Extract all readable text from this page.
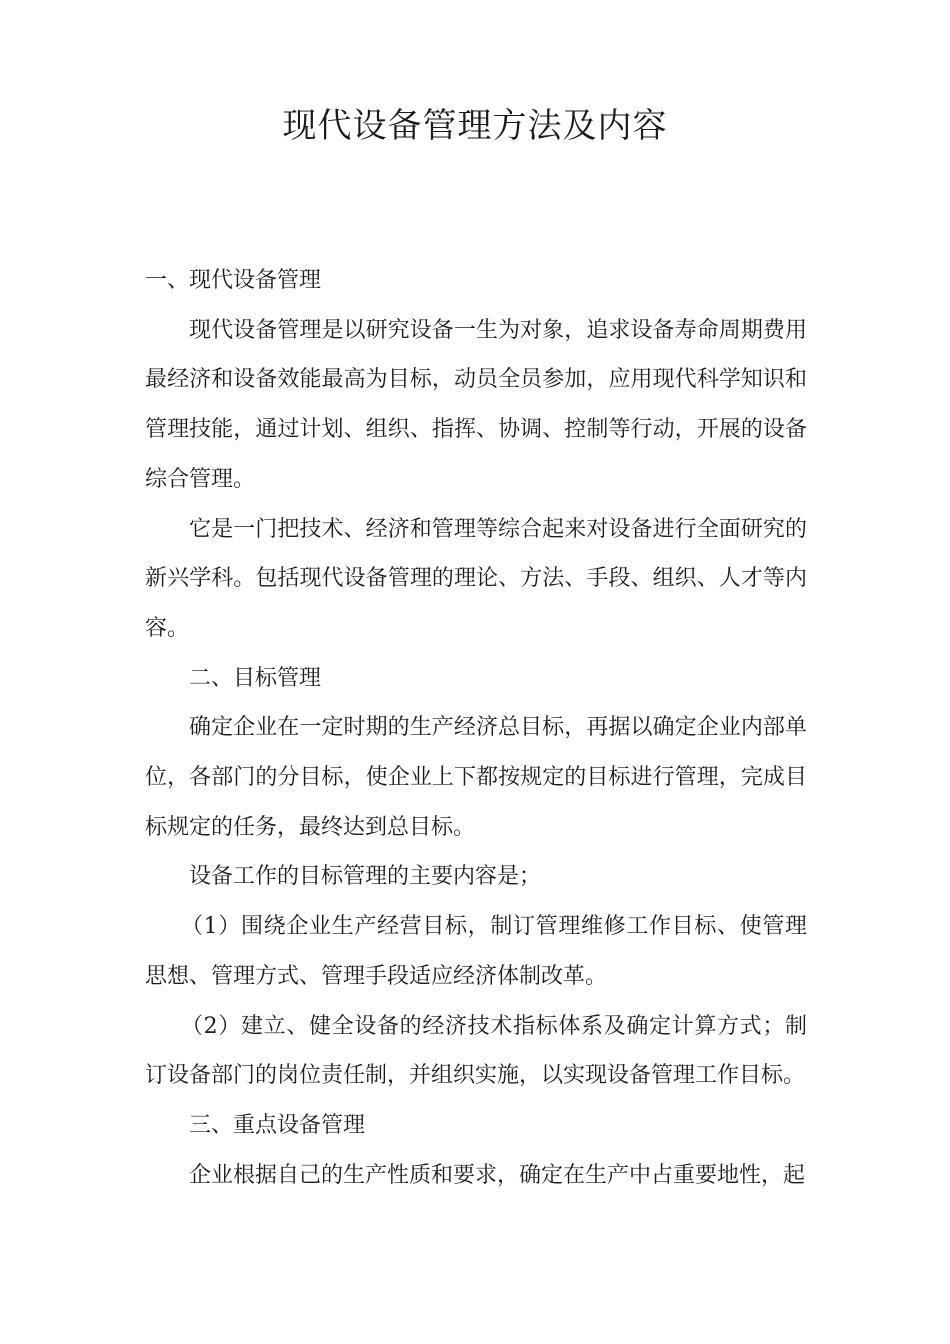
现代设备管理方法及内容

一、现代设备管理

现代设备管理是以研究设备一生为对象，追求设备寿命周期费用最经济和设备效能最高为目标，动员全员参加，应用现代科学知识和管理技能，通过计划、组织、指挥、协调、控制等行动，开展的设备综合管理。

它是一门把技术、经济和管理等综合起来对设备进行全面研究的新兴学科。包括现代设备管理的理论、方法、手段、组织、人才等内容。

二、目标管理

确定企业在一定时期的生产经济总目标，再据以确定企业内部单位，各部门的分目标，使企业上下都按规定的目标进行管理，完成目标规定的任务，最终达到总目标。

设备工作的目标管理的主要内容是；

（1）围绕企业生产经营目标，制订管理维修工作目标、使管理思想、管理方式、管理手段适应经济体制改革。

（2）建立、健全设备的经济技术指标体系及确定计算方式；制订设备部门的岗位责任制，并组织实施，以实现设备管理工作目标。

三、重点设备管理

企业根据自己的生产性质和要求，确定在生产中占重要地性，起
